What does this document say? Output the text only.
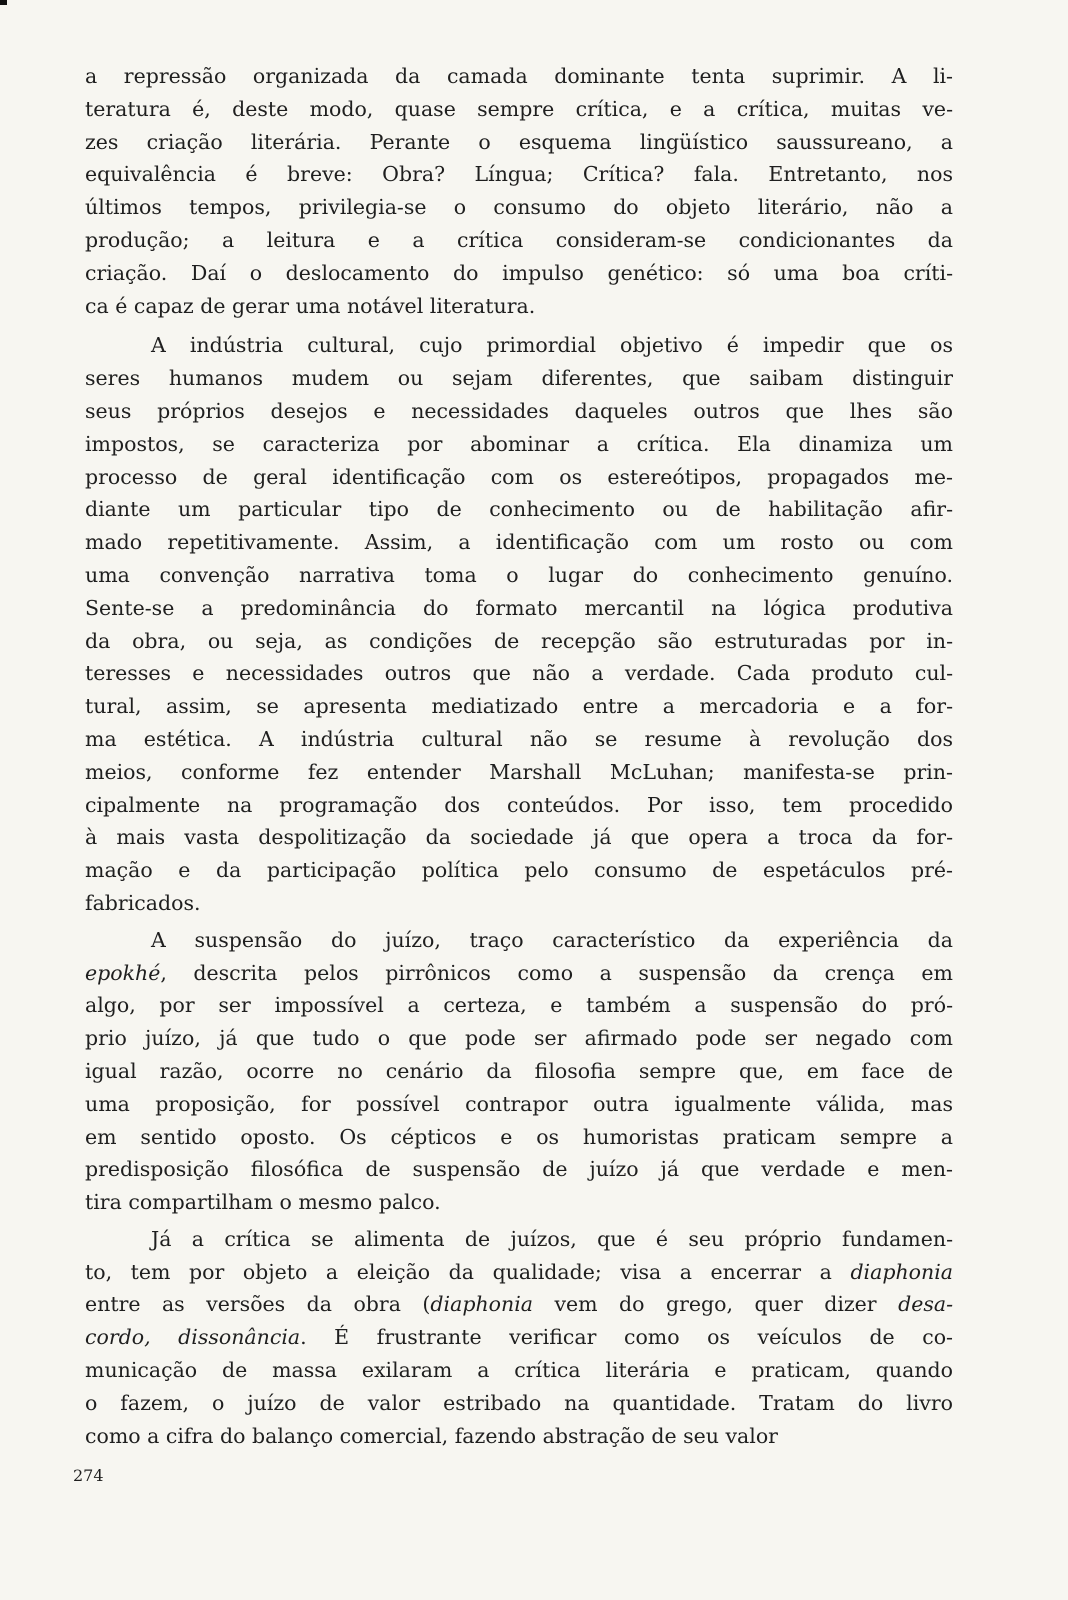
a repressão organizada da camada dominante tenta suprimir. A li-
teratura é, deste modo, quase sempre crítica, e a crítica, muitas ve-
zes criação literária. Perante o esquema lingüístico saussureano, a
equivalência é breve: Obra? Língua; Crítica? fala. Entretanto, nos
últimos tempos, privilegia-se o consumo do objeto literário, não a
produção; a leitura e a crítica consideram-se condicionantes da
criação. Daí o deslocamento do impulso genético: só uma boa críti-
ca é capaz de gerar uma notável literatura.
A indústria cultural, cujo primordial objetivo é impedir que os
seres humanos mudem ou sejam diferentes, que saibam distinguir
seus próprios desejos e necessidades daqueles outros que lhes são
impostos, se caracteriza por abominar a crítica. Ela dinamiza um
processo de geral identificação com os estereótipos, propagados me-
diante um particular tipo de conhecimento ou de habilitação afir-
mado repetitivamente. Assim, a identificação com um rosto ou com
uma convenção narrativa toma o lugar do conhecimento genuíno.
Sente-se a predominância do formato mercantil na lógica produtiva
da obra, ou seja, as condições de recepção são estruturadas por in-
teresses e necessidades outros que não a verdade. Cada produto cul-
tural, assim, se apresenta mediatizado entre a mercadoria e a for-
ma estética. A indústria cultural não se resume à revolução dos
meios, conforme fez entender Marshall McLuhan; manifesta-se prin-
cipalmente na programação dos conteúdos. Por isso, tem procedido
à mais vasta despolitização da sociedade já que opera a troca da for-
mação e da participação política pelo consumo de espetáculos pré-
fabricados.
A suspensão do juízo, traço característico da experiência da
epokhé, descrita pelos pirrônicos como a suspensão da crença em
algo, por ser impossível a certeza, e também a suspensão do pró-
prio juízo, já que tudo o que pode ser afirmado pode ser negado com
igual razão, ocorre no cenário da filosofia sempre que, em face de
uma proposição, for possível contrapor outra igualmente válida, mas
em sentido oposto. Os cépticos e os humoristas praticam sempre a
predisposição filosófica de suspensão de juízo já que verdade e men-
tira compartilham o mesmo palco.
Já a crítica se alimenta de juízos, que é seu próprio fundamen-
to, tem por objeto a eleição da qualidade; visa a encerrar a diaphonia
entre as versões da obra (diaphonia vem do grego, quer dizer desa-
cordo, dissonância. É frustrante verificar como os veículos de co-
municação de massa exilaram a crítica literária e praticam, quando
o fazem, o juízo de valor estribado na quantidade. Tratam do livro
como a cifra do balanço comercial, fazendo abstração de seu valor
274
